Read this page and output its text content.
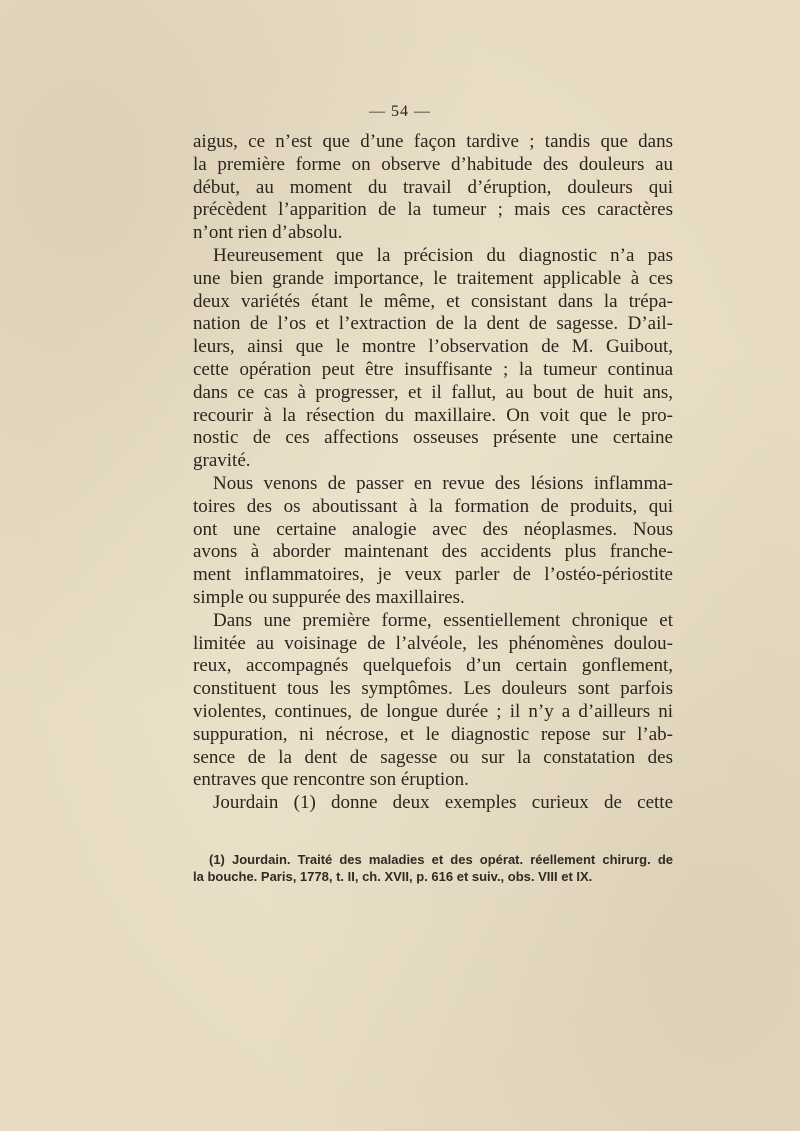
— 54 —
aigus, ce n’est que d’une façon tardive ; tandis que dans
la première forme on observe d’habitude des douleurs au
début, au moment du travail d’éruption, douleurs qui
précèdent l’apparition de la tumeur ; mais ces caractères
n’ont rien d’absolu.
Heureusement que la précision du diagnostic n’a pas
une bien grande importance, le traitement applicable à ces
deux variétés étant le même, et consistant dans la trépa-
nation de l’os et l’extraction de la dent de sagesse. D’ail-
leurs, ainsi que le montre l’observation de M. Guibout,
cette opération peut être insuffisante ; la tumeur continua
dans ce cas à progresser, et il fallut, au bout de huit ans,
recourir à la résection du maxillaire. On voit que le pro-
nostic de ces affections osseuses présente une certaine
gravité.
Nous venons de passer en revue des lésions inflamma-
toires des os aboutissant à la formation de produits, qui
ont une certaine analogie avec des néoplasmes. Nous
avons à aborder maintenant des accidents plus franche-
ment inflammatoires, je veux parler de l’ostéo-périostite
simple ou suppurée des maxillaires.
Dans une première forme, essentiellement chronique et
limitée au voisinage de l’alvéole, les phénomènes doulou-
reux, accompagnés quelquefois d’un certain gonflement,
constituent tous les symptômes. Les douleurs sont parfois
violentes, continues, de longue durée ; il n’y a d’ailleurs ni
suppuration, ni nécrose, et le diagnostic repose sur l’ab-
sence de la dent de sagesse ou sur la constatation des
entraves que rencontre son éruption.
Jourdain (1) donne deux exemples curieux de cette
(1) Jourdain. Traité des maladies et des opérat. réellement chirurg. de
la bouche. Paris, 1778, t. II, ch. XVII, p. 616 et suiv., obs. VIII et IX.
